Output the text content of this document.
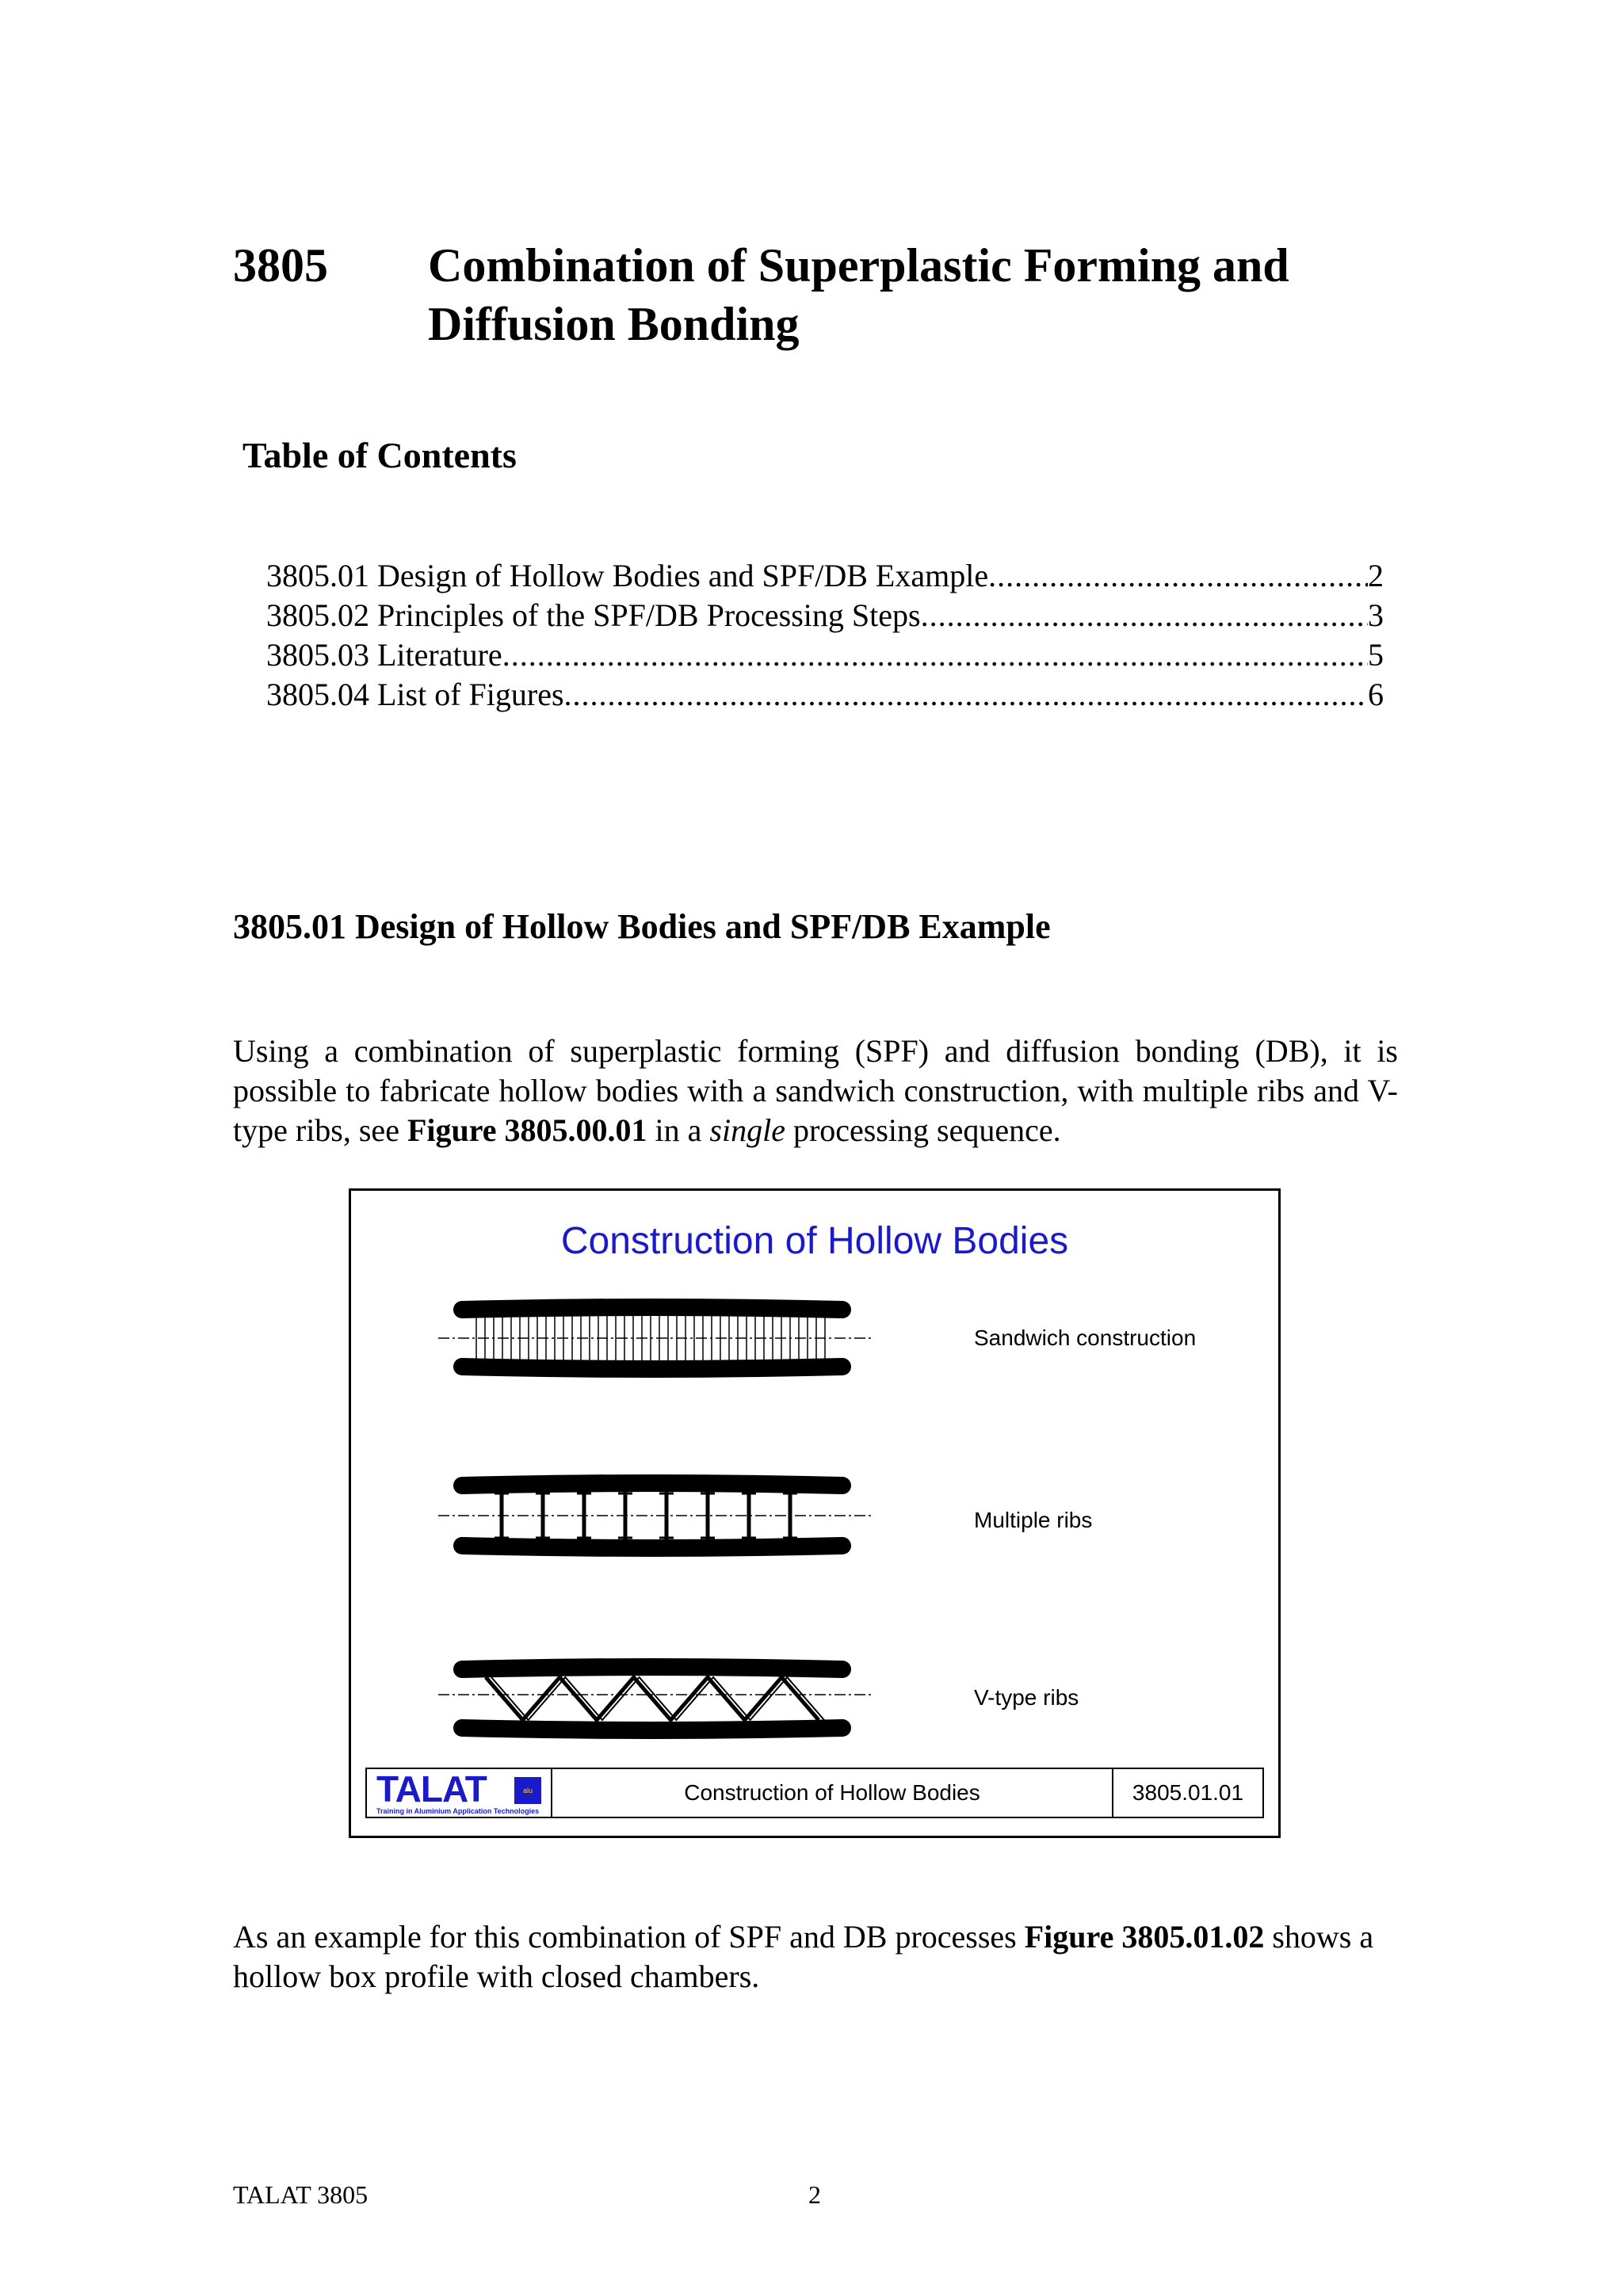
3805 Combination of Superplastic Forming and Diffusion Bonding
Table of Contents
3805.01 Design of Hollow Bodies and SPF/DB Example .....	2
3805.02 Principles of the SPF/DB Processing Steps .....	3
3805.03 Literature .....	5
3805.04 List of Figures .....	6
3805.01 Design of Hollow Bodies and SPF/DB Example
Using a combination of superplastic forming (SPF) and diffusion bonding (DB), it is possible to fabricate hollow bodies with a sandwich construction, with multiple ribs and V-type ribs, see Figure 3805.00.01 in a single processing sequence.
Construction of Hollow Bodies
Sandwich construction
Multiple ribs
V-type ribs
TALAT	alu
Training in Aluminium Application Technologies
Construction of Hollow Bodies	3805.01.01
As an example for this combination of SPF and DB processes Figure 3805.01.02 shows a hollow box profile with closed chambers.
TALAT 3805	2
